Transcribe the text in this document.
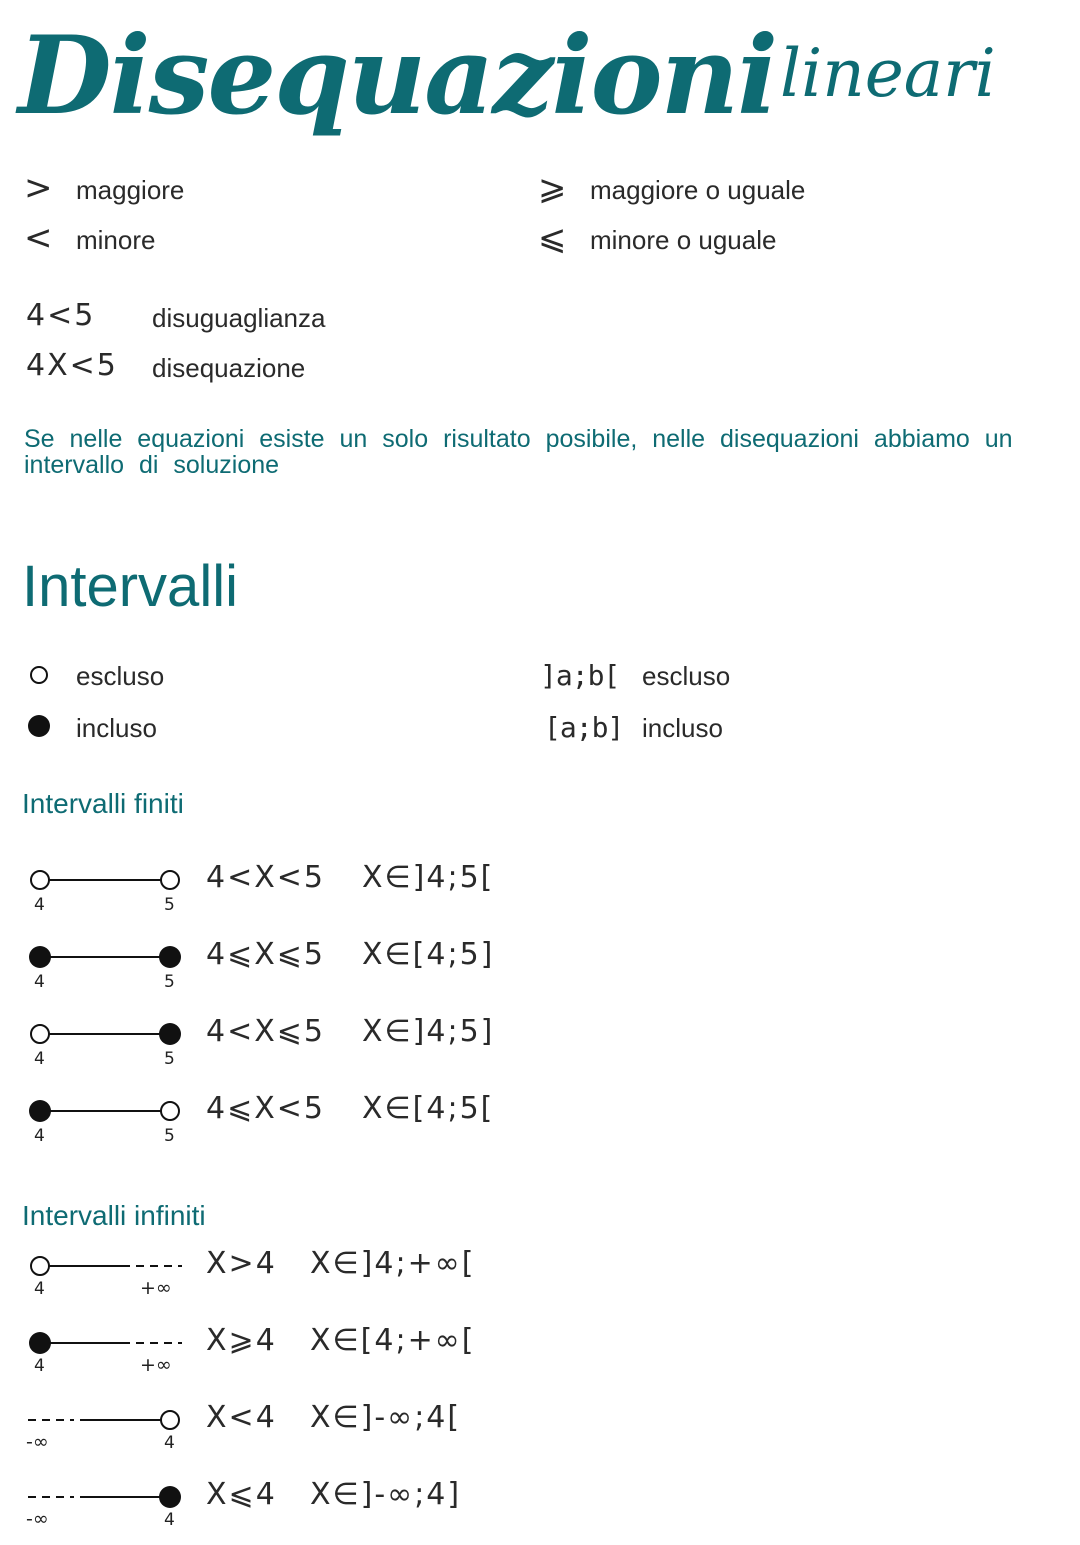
Disequazioni lineari
> maggiore
< minore
⩾ maggiore o uguale
⩽ minore o uguale
4<5 disuguaglianza
4X<5 disequazione
Se nelle equazioni esiste un solo risultato posibile, nelle disequazioni abbiamo un intervallo di soluzione
Intervalli
escluso
incluso
]a;b[ escluso
[a;b] incluso
Intervalli finiti
4	5
4<X<5 X∈]4;5[
4	5
4⩽X⩽5 X∈[4;5]
4	5
4<X⩽5 X∈]4;5]
4	5
4⩽X<5 X∈[4;5[
Intervalli infiniti
4	+∞
X>4 X∈]4;+∞[
4	+∞
X⩾4 X∈[4;+∞[
-∞	4
X<4 X∈]-∞;4[
-∞	4
X⩽4 X∈]-∞;4]
